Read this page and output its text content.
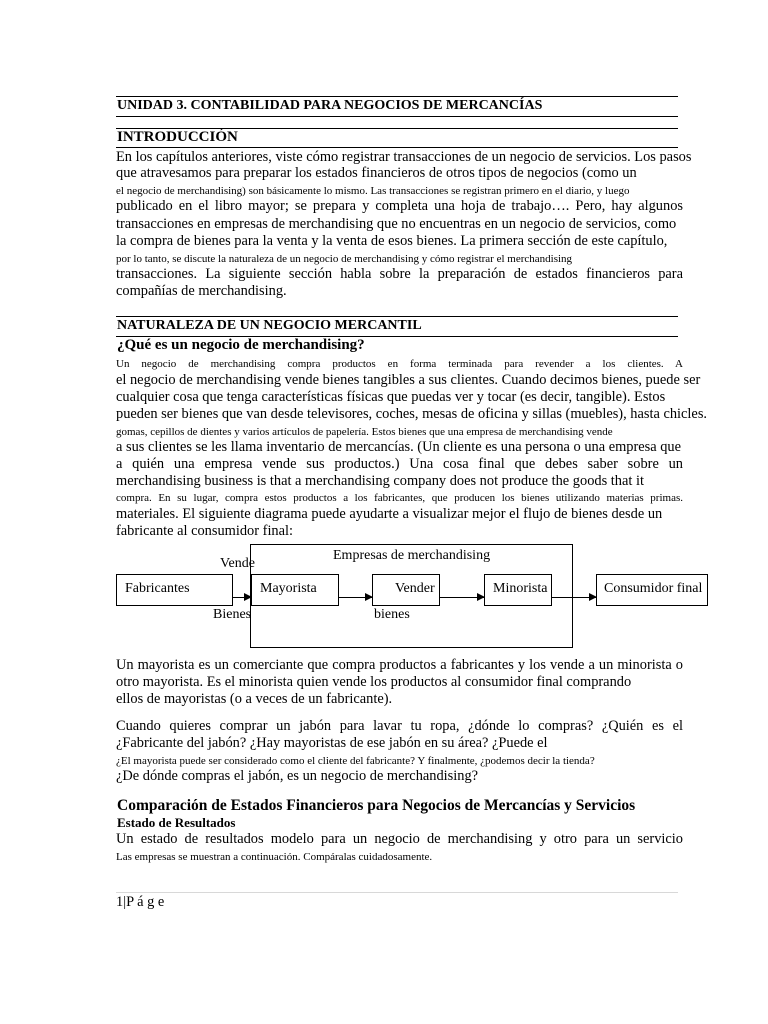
UNIDAD 3. CONTABILIDAD PARA NEGOCIOS DE MERCANCÍAS
INTRODUCCIÓN
En los capítulos anteriores, viste cómo registrar transacciones de un negocio de servicios. Los pasos
que atravesamos para preparar los estados financieros de otros tipos de negocios (como un
el negocio de merchandising) son básicamente lo mismo. Las transacciones se registran primero en el diario, y luego
publicado en el libro mayor; se prepara y completa una hoja de trabajo…. Pero, hay algunos
transacciones en empresas de merchandising que no encuentras en un negocio de servicios, como
la compra de bienes para la venta y la venta de esos bienes. La primera sección de este capítulo,
por lo tanto, se discute la naturaleza de un negocio de merchandising y cómo registrar el merchandising
transacciones. La siguiente sección habla sobre la preparación de estados financieros para
compañías de merchandising.
NATURALEZA DE UN NEGOCIO MERCANTIL
¿Qué es un negocio de merchandising?
Un negocio de merchandising compra productos en forma terminada para revender a los clientes. A
el negocio de merchandising vende bienes tangibles a sus clientes. Cuando decimos bienes, puede ser
cualquier cosa que tenga características físicas que puedas ver y tocar (es decir, tangible). Estos
pueden ser bienes que van desde televisores, coches, mesas de oficina y sillas (muebles), hasta chicles.
gomas, cepillos de dientes y varios artículos de papelería. Estos bienes que una empresa de merchandising vende
a sus clientes se les llama inventario de mercancías. (Un cliente es una persona o una empresa que
a quién una empresa vende sus productos.) Una cosa final que debes saber sobre un
merchandising business is that a merchandising company does not produce the goods that it
compra. En su lugar, compra estos productos a los fabricantes, que producen los bienes utilizando materias primas.
materiales. El siguiente diagrama puede ayudarte a visualizar mejor el flujo de bienes desde un
fabricante al consumidor final:
Empresas de merchandising
Vende
Fabricantes	Mayorista	Vender	Minorista	Consumidor final
Bienes	bienes
Un mayorista es un comerciante que compra productos a fabricantes y los vende a un minorista o
otro mayorista. Es el minorista quien vende los productos al consumidor final comprando
ellos de mayoristas (o a veces de un fabricante).
Cuando quieres comprar un jabón para lavar tu ropa, ¿dónde lo compras? ¿Quién es el
¿Fabricante del jabón? ¿Hay mayoristas de ese jabón en su área? ¿Puede el
¿El mayorista puede ser considerado como el cliente del fabricante? Y finalmente, ¿podemos decir la tienda?
¿De dónde compras el jabón, es un negocio de merchandising?
Comparación de Estados Financieros para Negocios de Mercancías y Servicios
Estado de Resultados
Un estado de resultados modelo para un negocio de merchandising y otro para un servicio
Las empresas se muestran a continuación. Compáralas cuidadosamente.
1|P á g e
